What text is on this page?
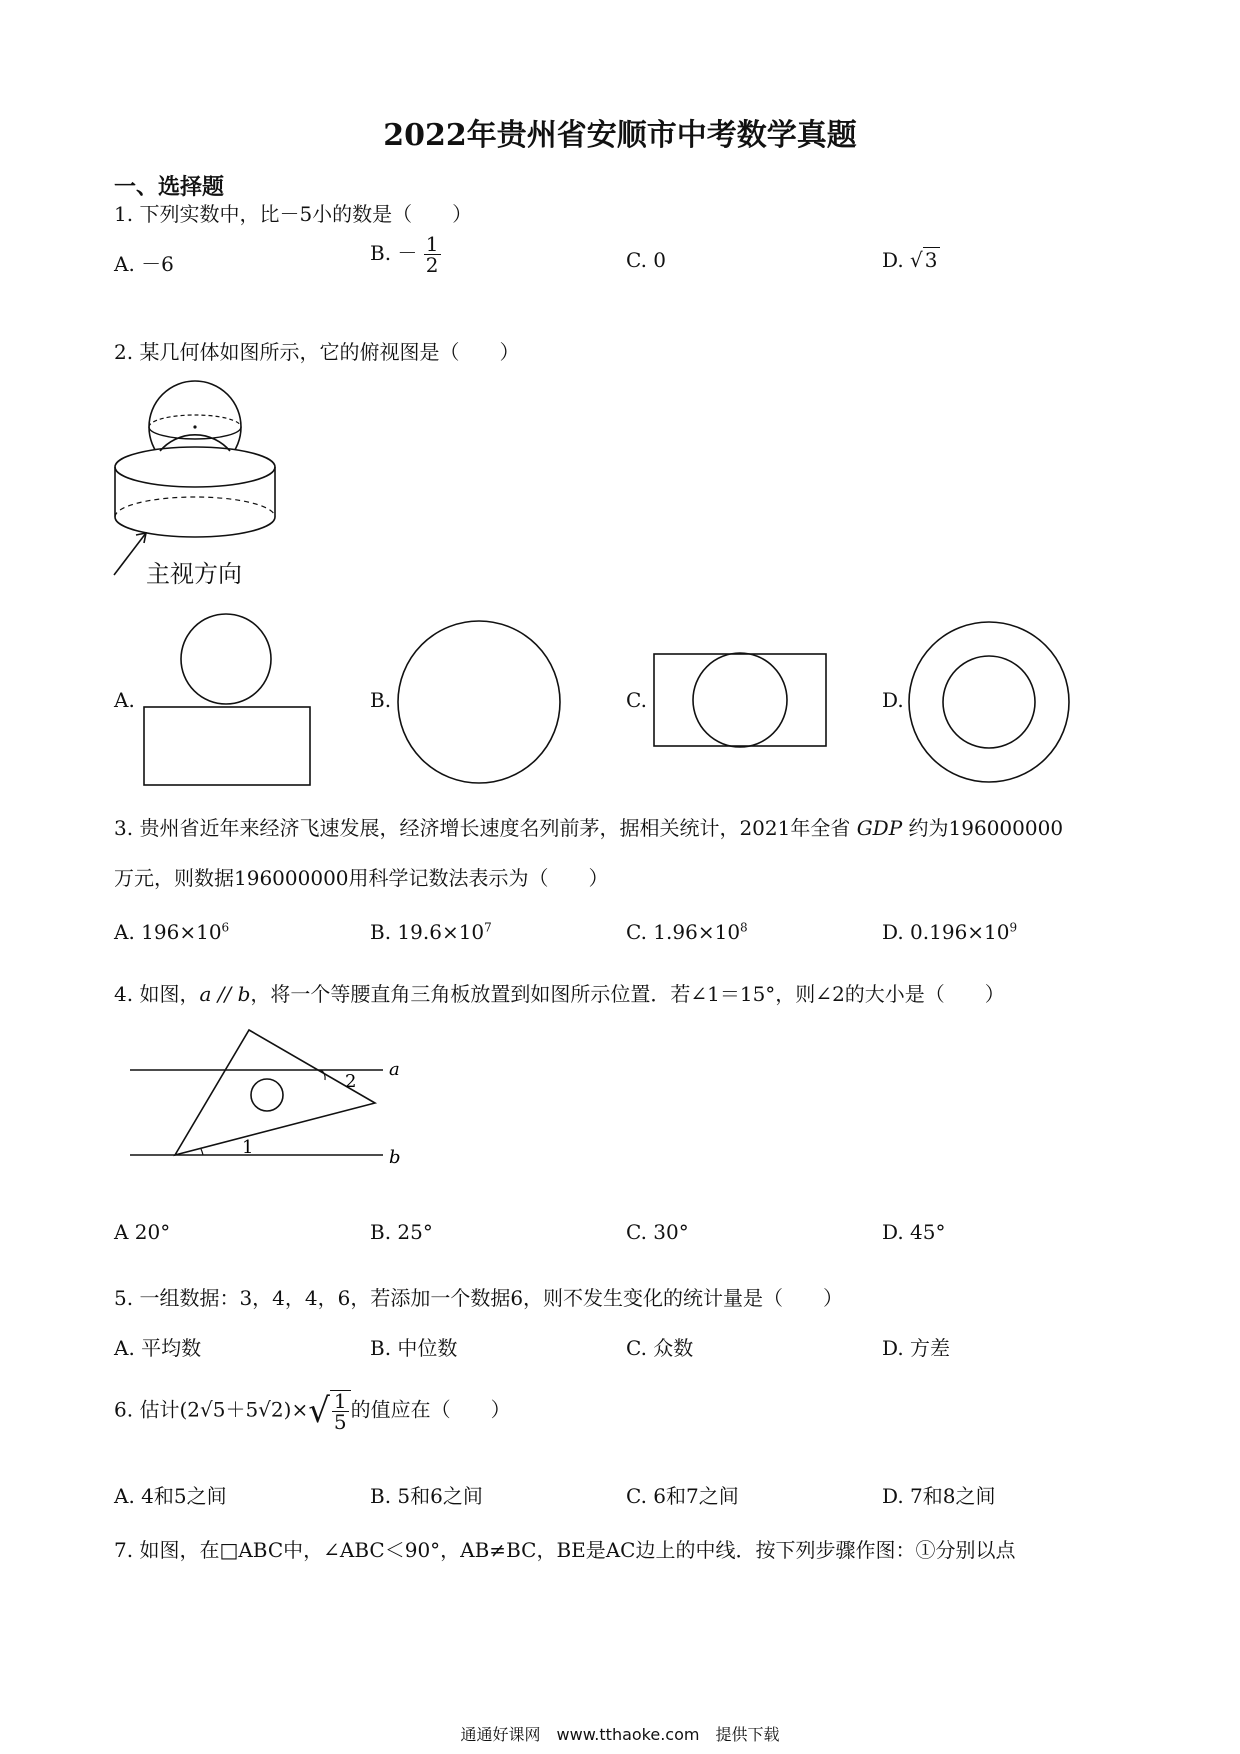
2022年贵州省安顺市中考数学真题
一、选择题
1. 下列实数中，比－5小的数是（　　）
A. －6	B. － $\frac{1}{2}$	C. 0	D. √ 3
2. 某几何体如图所示，它的俯视图是（　　）
主视方向
A.	B.	C.	D.
3. 贵州省近年来经济飞速发展，经济增长速度名列前茅，据相关统计，2021年全省 GDP 约为196000000
万元，则数据196000000用科学记数法表示为（　　）
A. $196\times 10^6$	B. $19.6\times 10^7$	C. $1.96\times 10^8$	D. $0.196\times 10^9$
4. 如图，a // b，将一个等腰直角三角板放置到如图所示位置．若∠1＝15°，则∠2的大小是（　　）
a
b
2
1
A 20°	B. 25°	C. 30°	D. 45°
5. 一组数据：3，4，4，6，若添加一个数据6，则不发生变化的统计量是（　　）
A. 平均数	B. 中位数	C. 众数	D. 方差
6. 估计$(2√5+5√2)\times√ \frac{1}{5}$ 的值应在（　　）
A. 4和5之间	B. 5和6之间	C. 6和7之间	D. 7和8之间
7. 如图，在□ABC中，∠ABC＜90°，AB≠BC，BE是AC边上的中线．按下列步骤作图：①分别以点
通通好课网　www.tthaoke.com　提供下载
